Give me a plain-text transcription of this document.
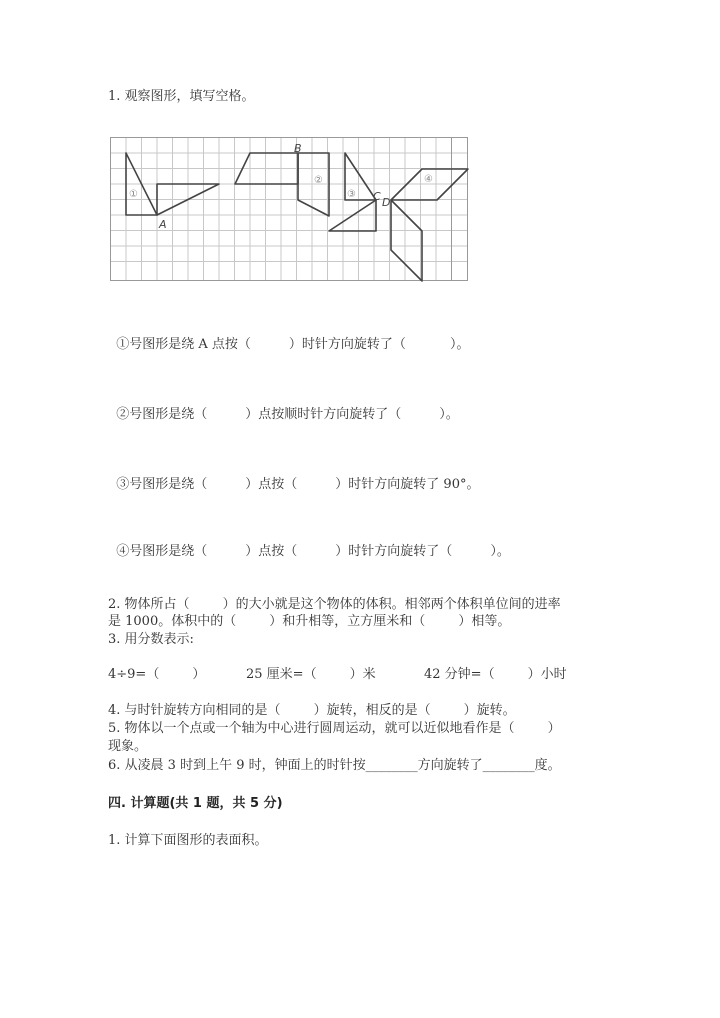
1. 观察图形，填写空格。
A
B
C D
①
②
③
④

①号图形是绕 A 点按（	）时针方向旋转了（	）。

②号图形是绕（	）点按顺时针方向旋转了（	）。

③号图形是绕（	）点按（	）时针方向旋转了 90°。

④号图形是绕（	）点按（	）时针方向旋转了（	）。

2. 物体所占（        ）的大小就是这个物体的体积。相邻两个体积单位间的进率
是 1000。体积中的（        ）和升相等，立方厘米和（        ）相等。
3. 用分数表示:
4÷9=（        ）	25 厘米=（        ）米	42 分钟=（        ）小时
4. 与时针旋转方向相同的是（        ）旋转，相反的是（        ）旋转。
5. 物体以一个点或一个轴为中心进行圆周运动，就可以近似地看作是（        ）
现象。
6. 从凌晨 3 时到上午 9 时，钟面上的时针按________方向旋转了________度。
四. 计算题(共 1 题，共 5 分)
1. 计算下面图形的表面积。
